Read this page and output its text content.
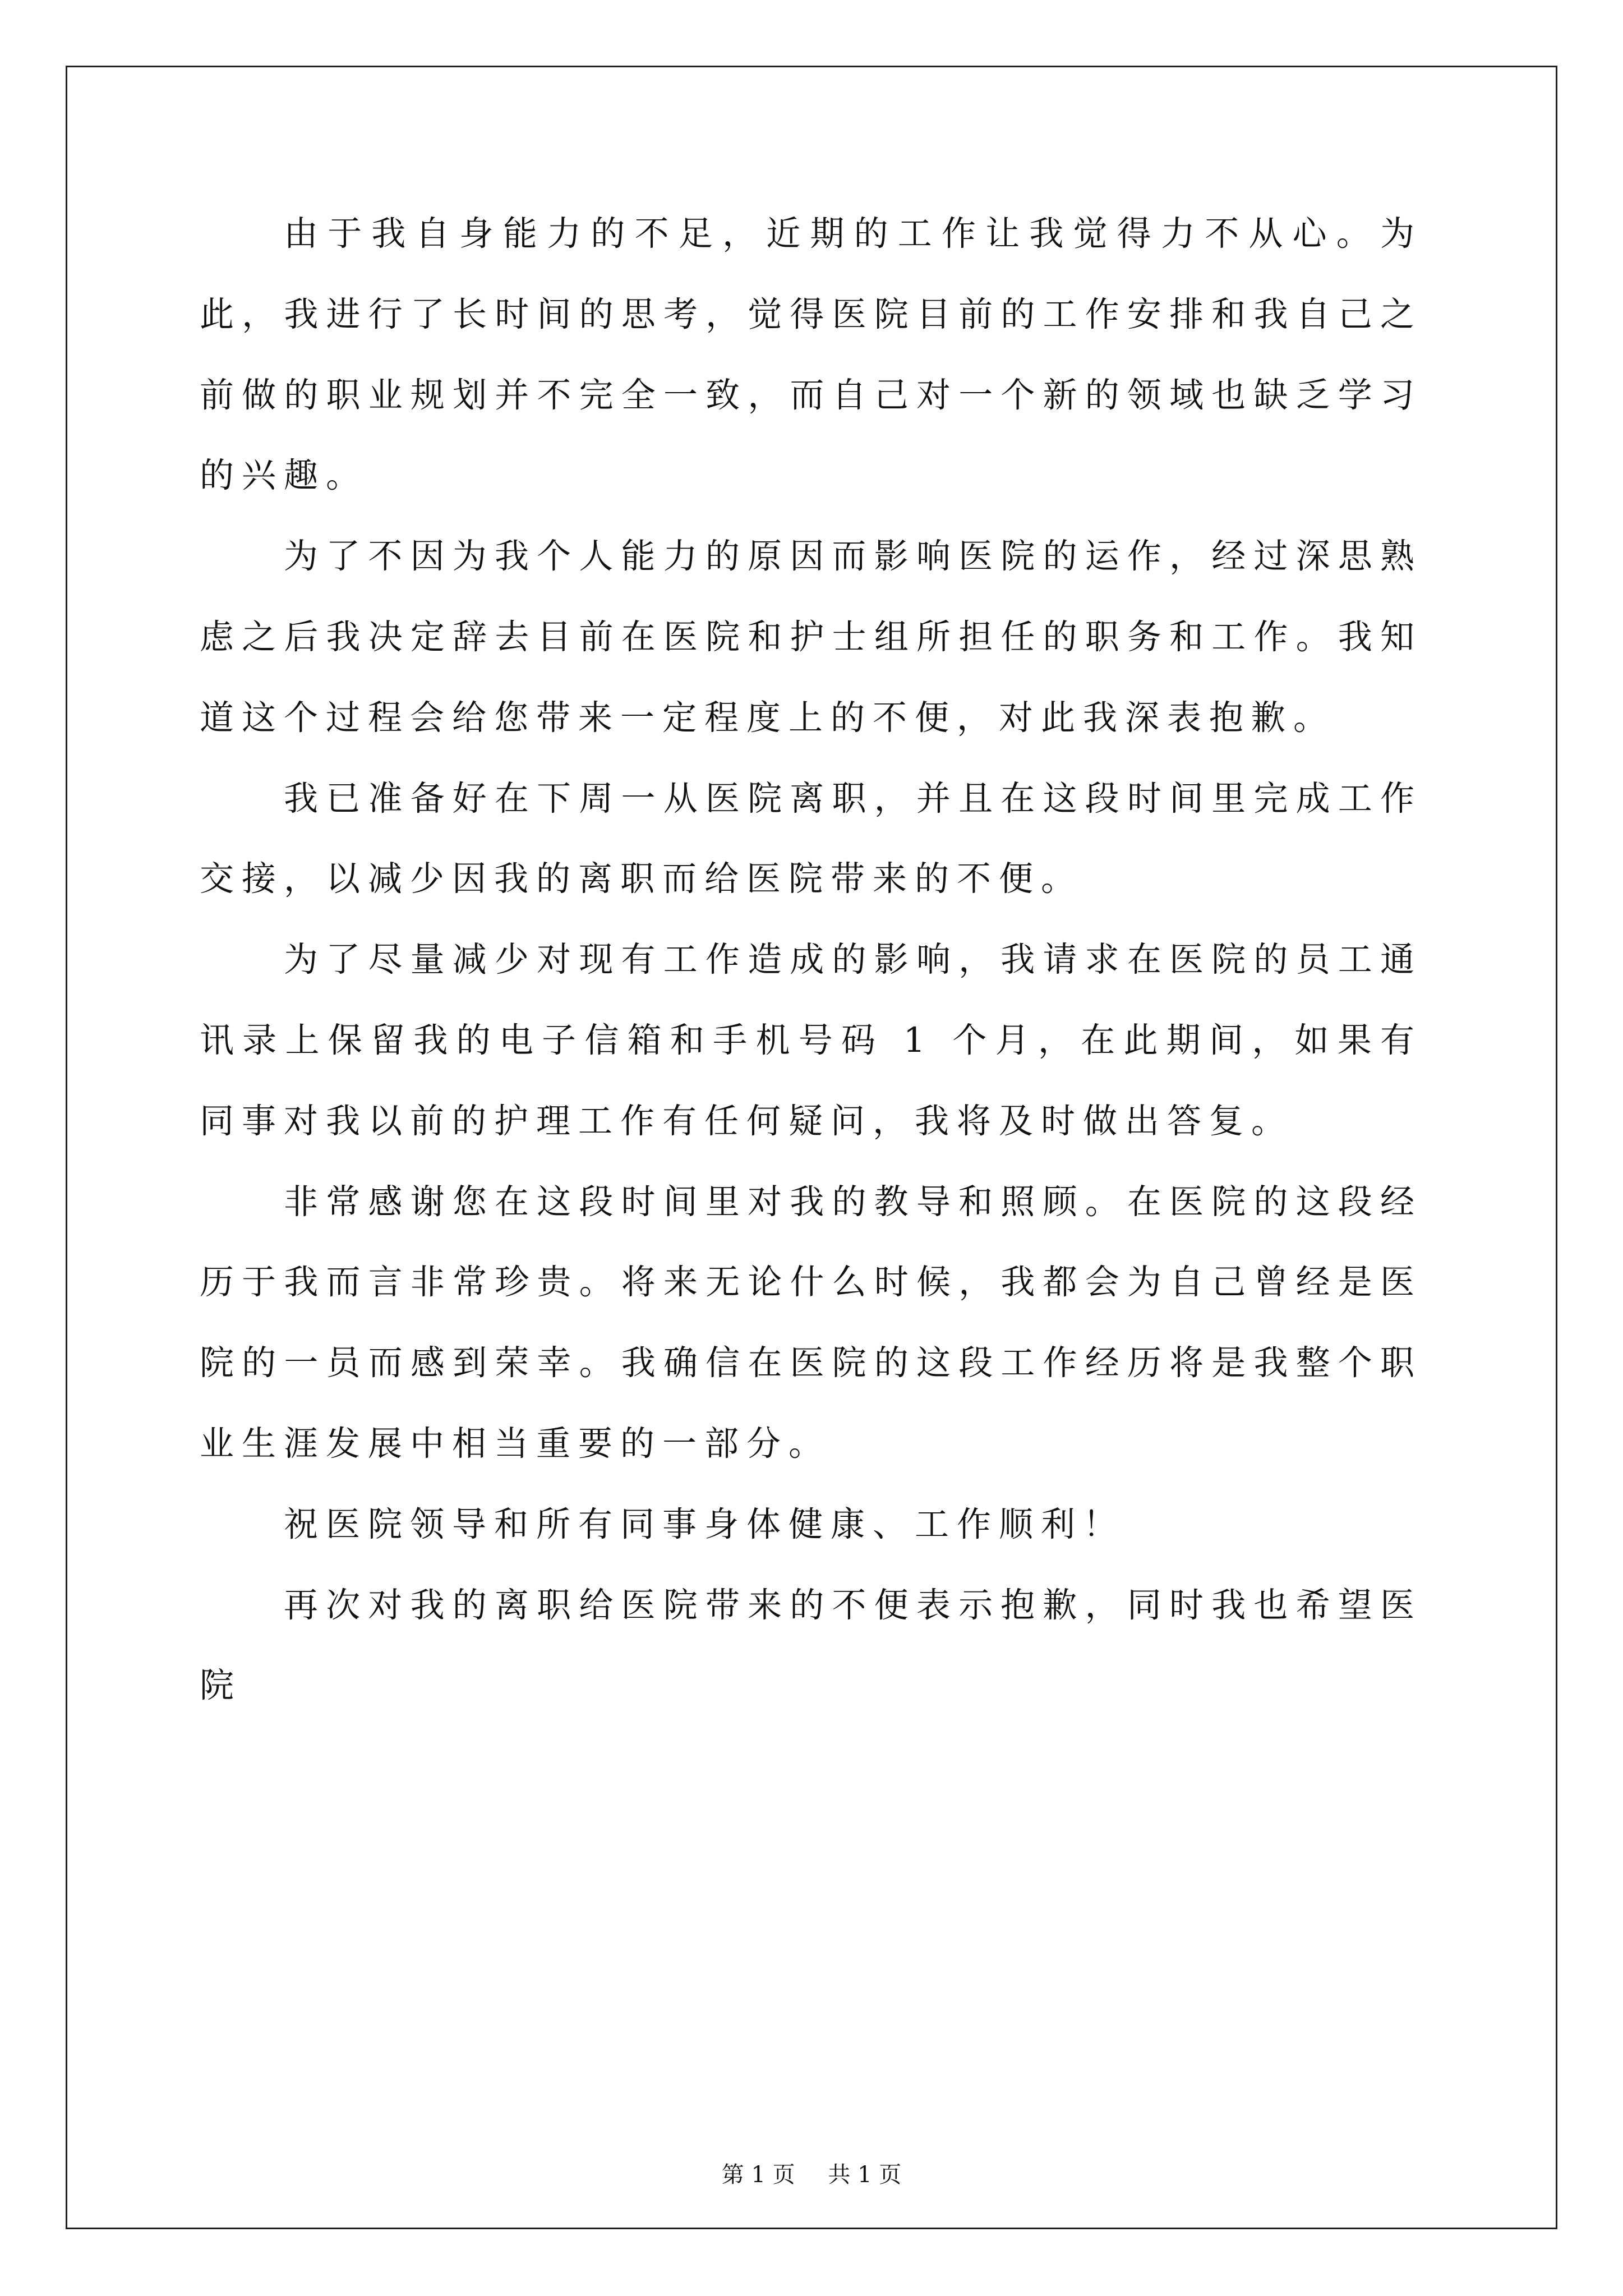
由于我自身能力的不足，近期的工作让我觉得力不从心。为此，我进行了长时间的思考，觉得医院目前的工作安排和我自己之前做的职业规划并不完全一致，而自己对一个新的领域也缺乏学习的兴趣。

为了不因为我个人能力的原因而影响医院的运作，经过深思熟虑之后我决定辞去目前在医院和护士组所担任的职务和工作。我知道这个过程会给您带来一定程度上的不便，对此我深表抱歉。

我已准备好在下周一从医院离职，并且在这段时间里完成工作交接，以减少因我的离职而给医院带来的不便。

为了尽量减少对现有工作造成的影响，我请求在医院的员工通讯录上保留我的电子信箱和手机号码 1 个月，在此期间，如果有同事对我以前的护理工作有任何疑问，我将及时做出答复。

非常感谢您在这段时间里对我的教导和照顾。在医院的这段经历于我而言非常珍贵。将来无论什么时候，我都会为自己曾经是医院的一员而感到荣幸。我确信在医院的这段工作经历将是我整个职业生涯发展中相当重要的一部分。

祝医院领导和所有同事身体健康、工作顺利！

再次对我的离职给医院带来的不便表示抱歉，同时我也希望医院

第 1 页 共 1 页
